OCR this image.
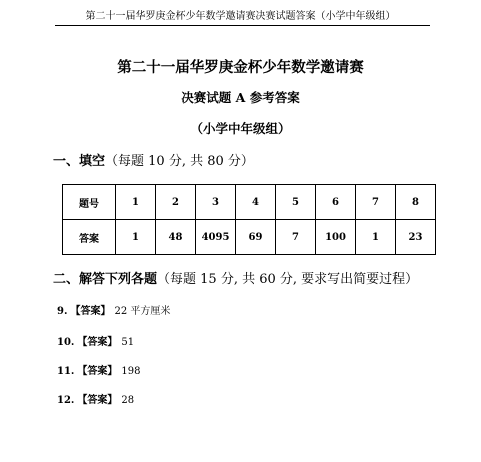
第二十一届华罗庚金杯少年数学邀请赛决赛试题答案（小学中年级组）
第二十一届华罗庚金杯少年数学邀请赛
决赛试题 A 参考答案
（小学中年级组）
一、填空（每题 10 分, 共 80 分）
题号	1	2	3	4	5	6	7	8
答案	1	48	4095	69	7	100	1	23
二、解答下列各题（每题 15 分, 共 60 分, 要求写出简要过程）
9. 【答案】 22 平方厘米
10. 【答案】 51
11. 【答案】 198
12. 【答案】 28
